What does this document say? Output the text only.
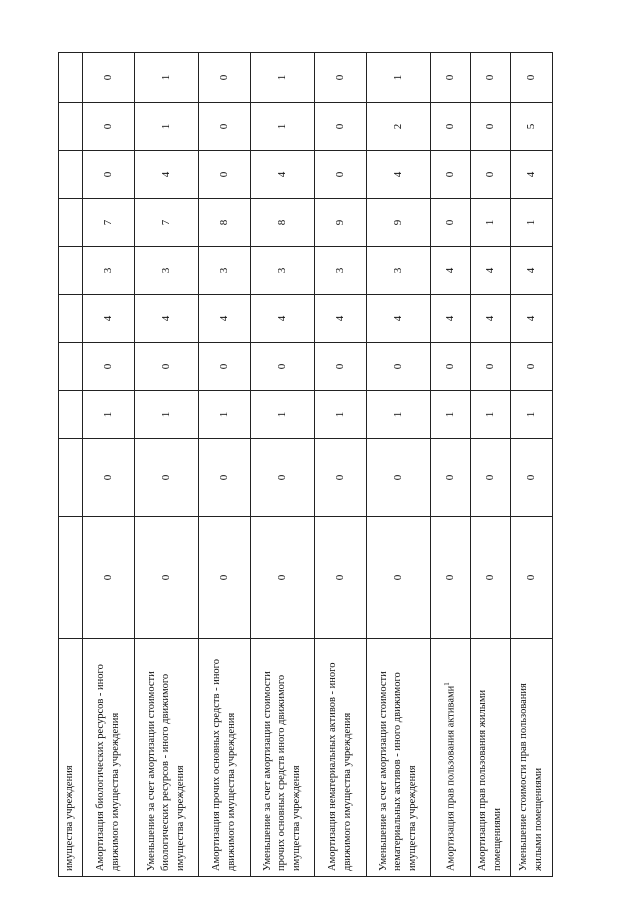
имущества учреждения										
Амортизация биологических ресурсов - иного движимого имущества учреждения	0	0	1	0	4	3	7	0	0	0
Уменьшение за счет амортизации стоимости биологических ресурсов - иного движимого имущества учреждения	0	0	1	0	4	3	7	4	1	1
Амортизация прочих основных средств - иного движимого имущества учреждения	0	0	1	0	4	3	8	0	0	0
Уменьшение за счет амортизации стоимости прочих основных средств иного движимого имущества учреждения	0	0	1	0	4	3	8	4	1	1
Амортизация нематериальных активов - иного движимого имущества учреждения	0	0	1	0	4	3	9	0	0	0
Уменьшение за счет амортизации стоимости нематериальных активов - иного движимого имущества учреждения	0	0	1	0	4	3	9	4	2	1
Амортизация прав пользования активами$^1$	0	0	1	0	4	4	0	0	0	0
Амортизация прав пользования жилыми помещениями	0	0	1	0	4	4	1	0	0	0
Уменьшение стоимости прав пользования жилыми помещениями	0	0	1	0	4	4	1	4	5	0
